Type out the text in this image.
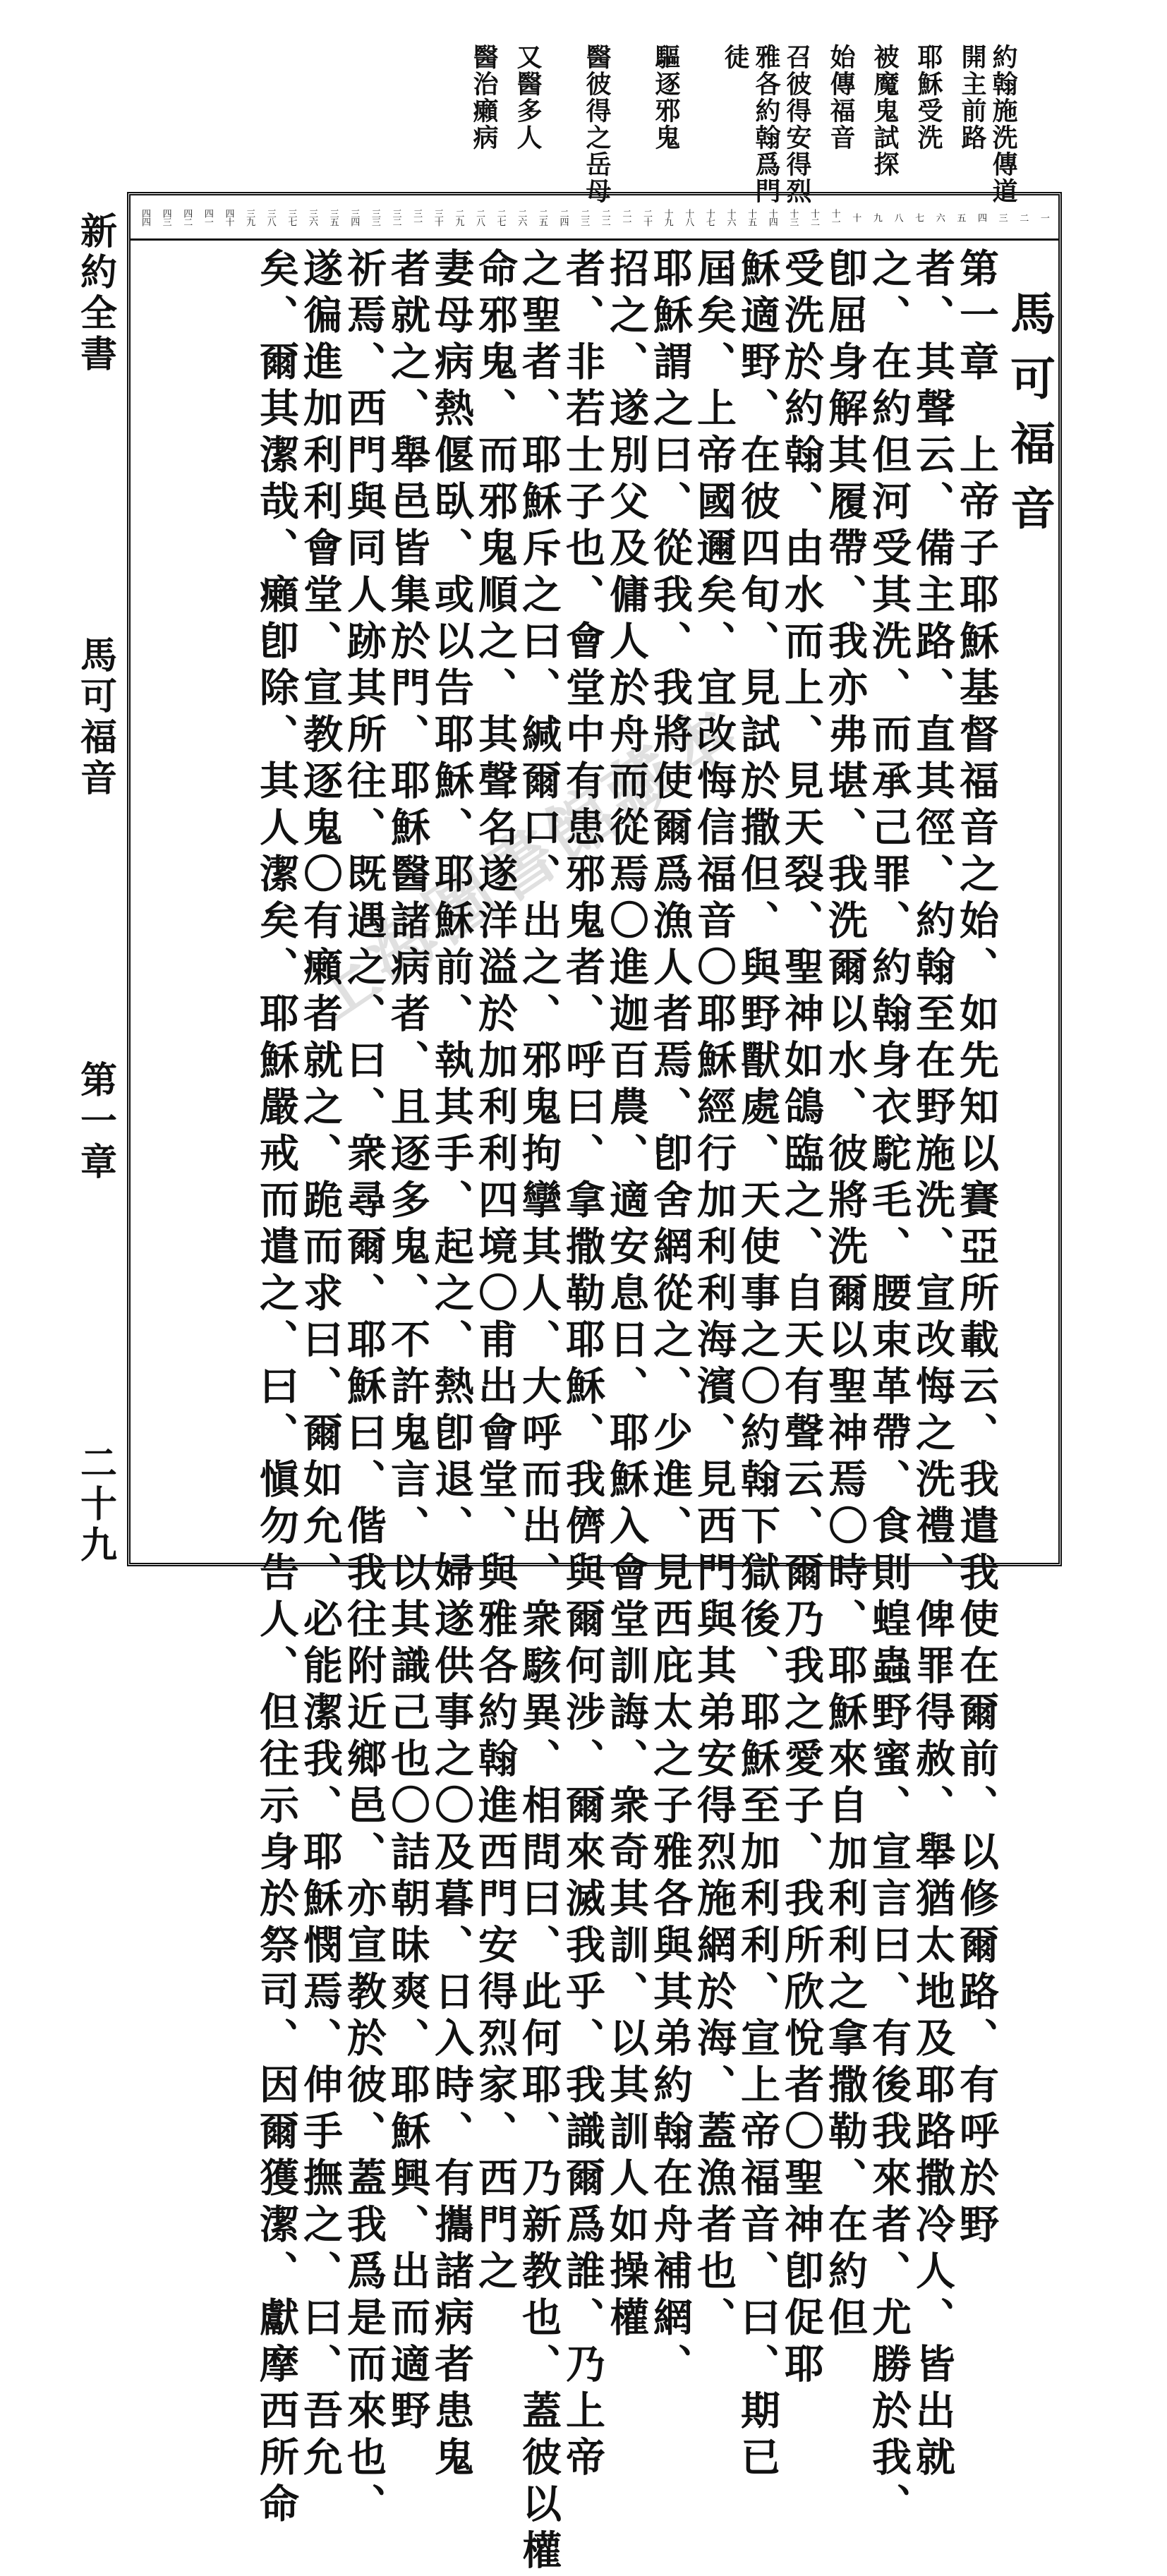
約翰施洗傳道開主前路
耶穌受洗
被魔鬼試探
始傳福音
召彼得安得烈雅各約翰爲門徒
驅逐邪鬼
醫彼得之岳母
又醫多人
醫治癩病
新約全書
馬可福音
第一章
二十九
一
二
三
四
五
六
七
八
九
十
十一
十二
十三
十四
十五
十六
十七
十八
十九
二十
二一
二二
二三
二四
二五
二六
二七
二八
二九
三十
三一
三二
三三
三四
三五
三六
三七
三八
三九
四十
四一
四二
四三
四四
馬可福音
第一章　上帝子耶穌基督福音之始、如先知以賽亞所載云、我遣我使在爾前、以修爾路、有呼於野
者、其聲云、備主路、直其徑、約翰至在野施洗、宣改悔之洗禮、俾罪得赦、舉猶太地及耶路撒冷人、皆出就
之、在約但河受其洗、而承己罪、約翰身衣駝毛、腰束革帶、食則蝗蟲野蜜、宣言曰、有後我來者、尤勝於我、
卽屈身解其履帶、我亦弗堪、我洗爾以水、彼將洗爾以聖神焉〇時、耶穌來自加利利之拿撒勒、在約但
受洗於約翰、由水而上、見天裂、聖神如鴿臨之、自天有聲云、爾乃我之愛子、我所欣悅者〇聖神卽促耶
穌適野、在彼四旬、見試於撒但、與野獸處、天使事之〇約翰下獄後、耶穌至加利利、宣上帝福音、曰、期已
屆矣、上帝國邇矣、宜改悔信福音〇耶穌經行加利利海濱、見西門與其弟安得烈施網於海、蓋漁者也、
耶穌謂之曰、從我、我將使爾爲漁人者焉、卽舍網從之、少進、見西庇太之子雅各與其弟約翰在舟補網、
招之、遂別父及傭人於舟而從焉〇進迦百農、適安息日、耶穌入會堂訓誨、衆奇其訓、以其訓人如操權
者、非若士子也、會堂中有患邪鬼者、呼曰、拿撒勒耶穌、我儕與爾何涉、爾來滅我乎、我識爾爲誰、乃上帝
之聖者、耶穌斥之曰、緘爾口、出之、邪鬼拘攣其人、大呼而出、衆駭異、相問曰、此何耶、乃新教也、蓋彼以權
命邪鬼、而邪鬼順之、其聲名遂洋溢於加利利四境〇甫出會堂、與雅各約翰進西門安得烈家、西門之
妻母病熱偃臥、或以告耶穌、耶穌前、執其手、起之、熱卽退、婦遂供事之〇及暮、日入時、有攜諸病者患鬼
者就之、舉邑皆集於門、耶穌醫諸病者、且逐多鬼、不許鬼言、以其識己也〇詰朝昧爽、耶穌興、出而適野
祈焉、西門與同人跡其所往、既遇之、曰、衆尋爾、耶穌曰、偕我往附近鄉邑、亦宣教於彼、蓋我爲是而來也、
遂徧進加利利會堂、宣教逐鬼〇有癩者就之、跪而求曰、爾如允、必能潔我、耶穌憫焉、伸手撫之、曰、吾允
矣、爾其潔哉、癩卽除、其人潔矣、耶穌嚴戒而遣之、曰、愼勿告人、但往示身於祭司、因爾獲潔、獻摩西所命
上海圖書館藏本
